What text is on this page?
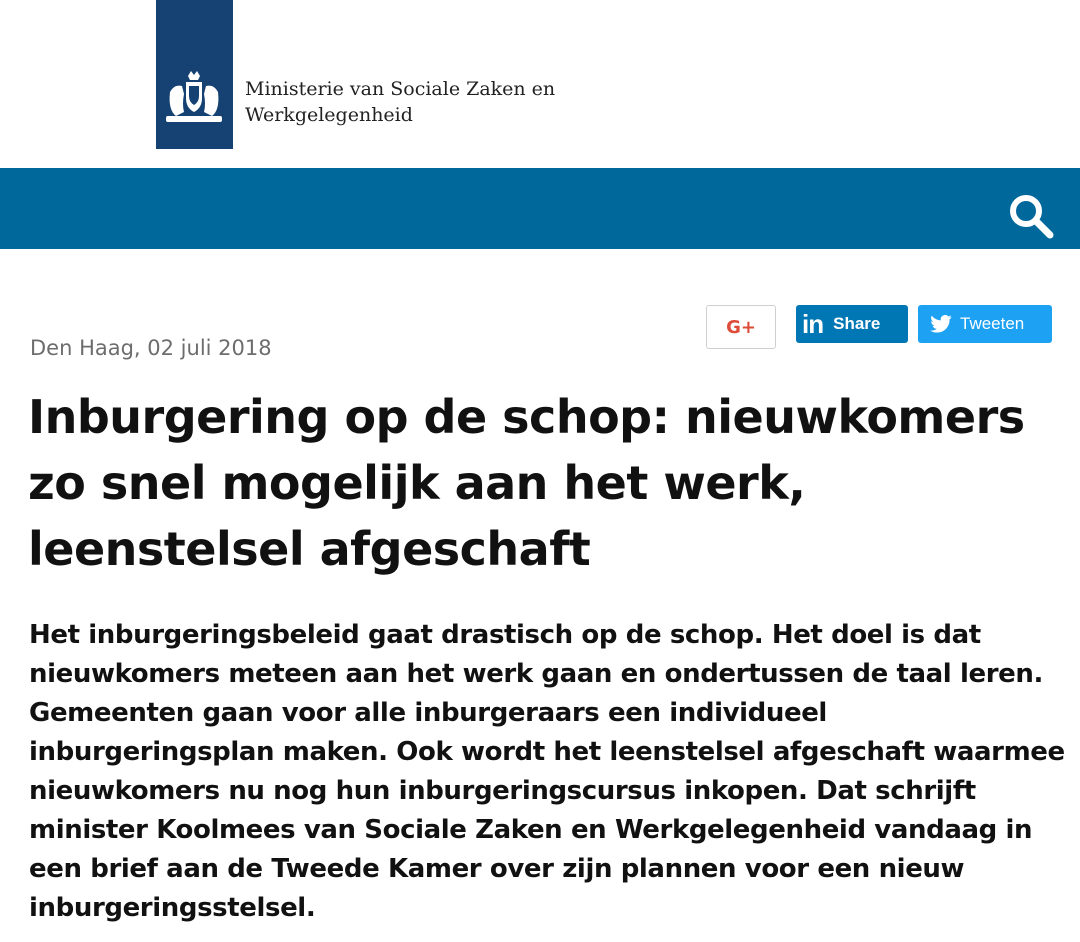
Ministerie van Sociale Zaken en
Werkgelegenheid
G+ in Share	Tweeten
Den Haag, 02 juli 2018
Inburgering op de schop: nieuwkomers
zo snel mogelijk aan het werk,
leenstelsel afgeschaft
Het inburgeringsbeleid gaat drastisch op de schop. Het doel is dat
nieuwkomers meteen aan het werk gaan en ondertussen de taal leren.
Gemeenten gaan voor alle inburgeraars een individueel
inburgeringsplan maken. Ook wordt het leenstelsel afgeschaft waarmee
nieuwkomers nu nog hun inburgeringscursus inkopen. Dat schrijft
minister Koolmees van Sociale Zaken en Werkgelegenheid vandaag in
een brief aan de Tweede Kamer over zijn plannen voor een nieuw
inburgeringsstelsel.
